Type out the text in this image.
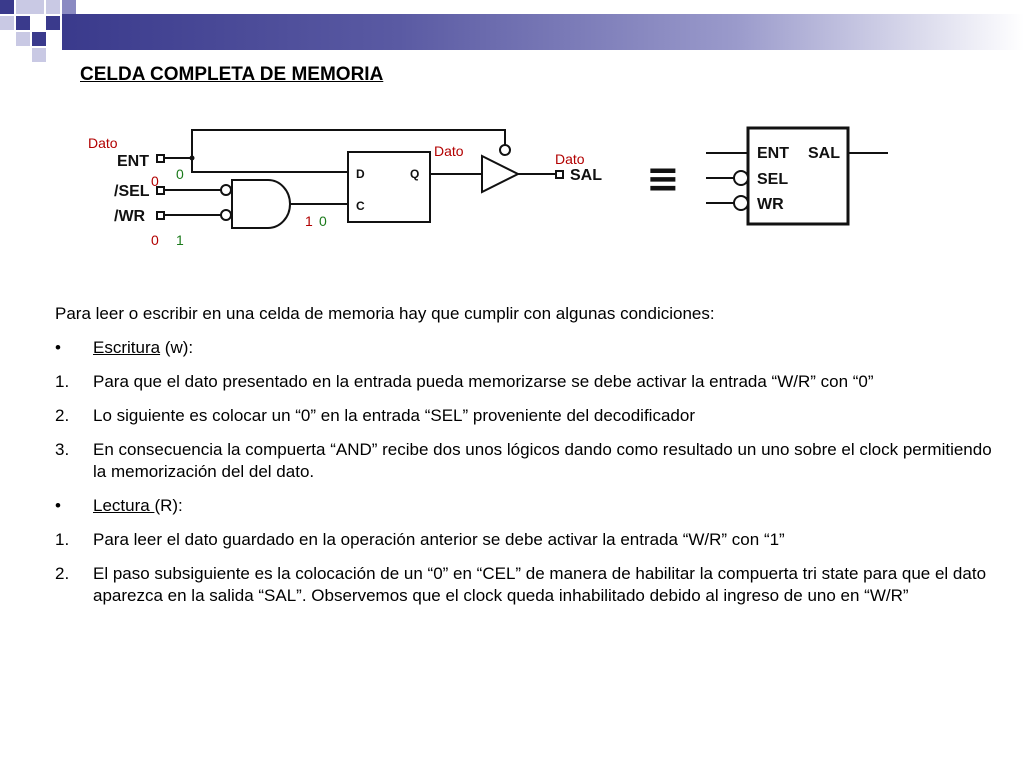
CELDA COMPLETA DE MEMORIA
ENT
/SEL
/WR
SAL
D	Q
C
Dato	Dato	Dato
0 0
0 1
1 0
≡
ENT SAL
SEL
WR

Para leer o escribir en una celda de memoria hay que cumplir con algunas condiciones:

•	Escritura (w):
1.	Para que el dato presentado en la entrada pueda memorizarse se debe activar la entrada “W/R” con “0”
2.	Lo siguiente es colocar un “0” en la entrada “SEL” proveniente del decodificador
3.	En consecuencia la compuerta “AND” recibe dos unos lógicos dando como resultado un uno sobre el clock permitiendo la memorización del del dato.
•	Lectura (R):
1.	Para leer el dato guardado en la operación anterior se debe activar la entrada “W/R” con “1”
2.	El paso subsiguiente es la colocación de un “0” en “CEL” de manera de habilitar la compuerta tri state para que el dato aparezca en la salida “SAL”. Observemos que el clock queda inhabilitado debido al ingreso de uno en “W/R”
